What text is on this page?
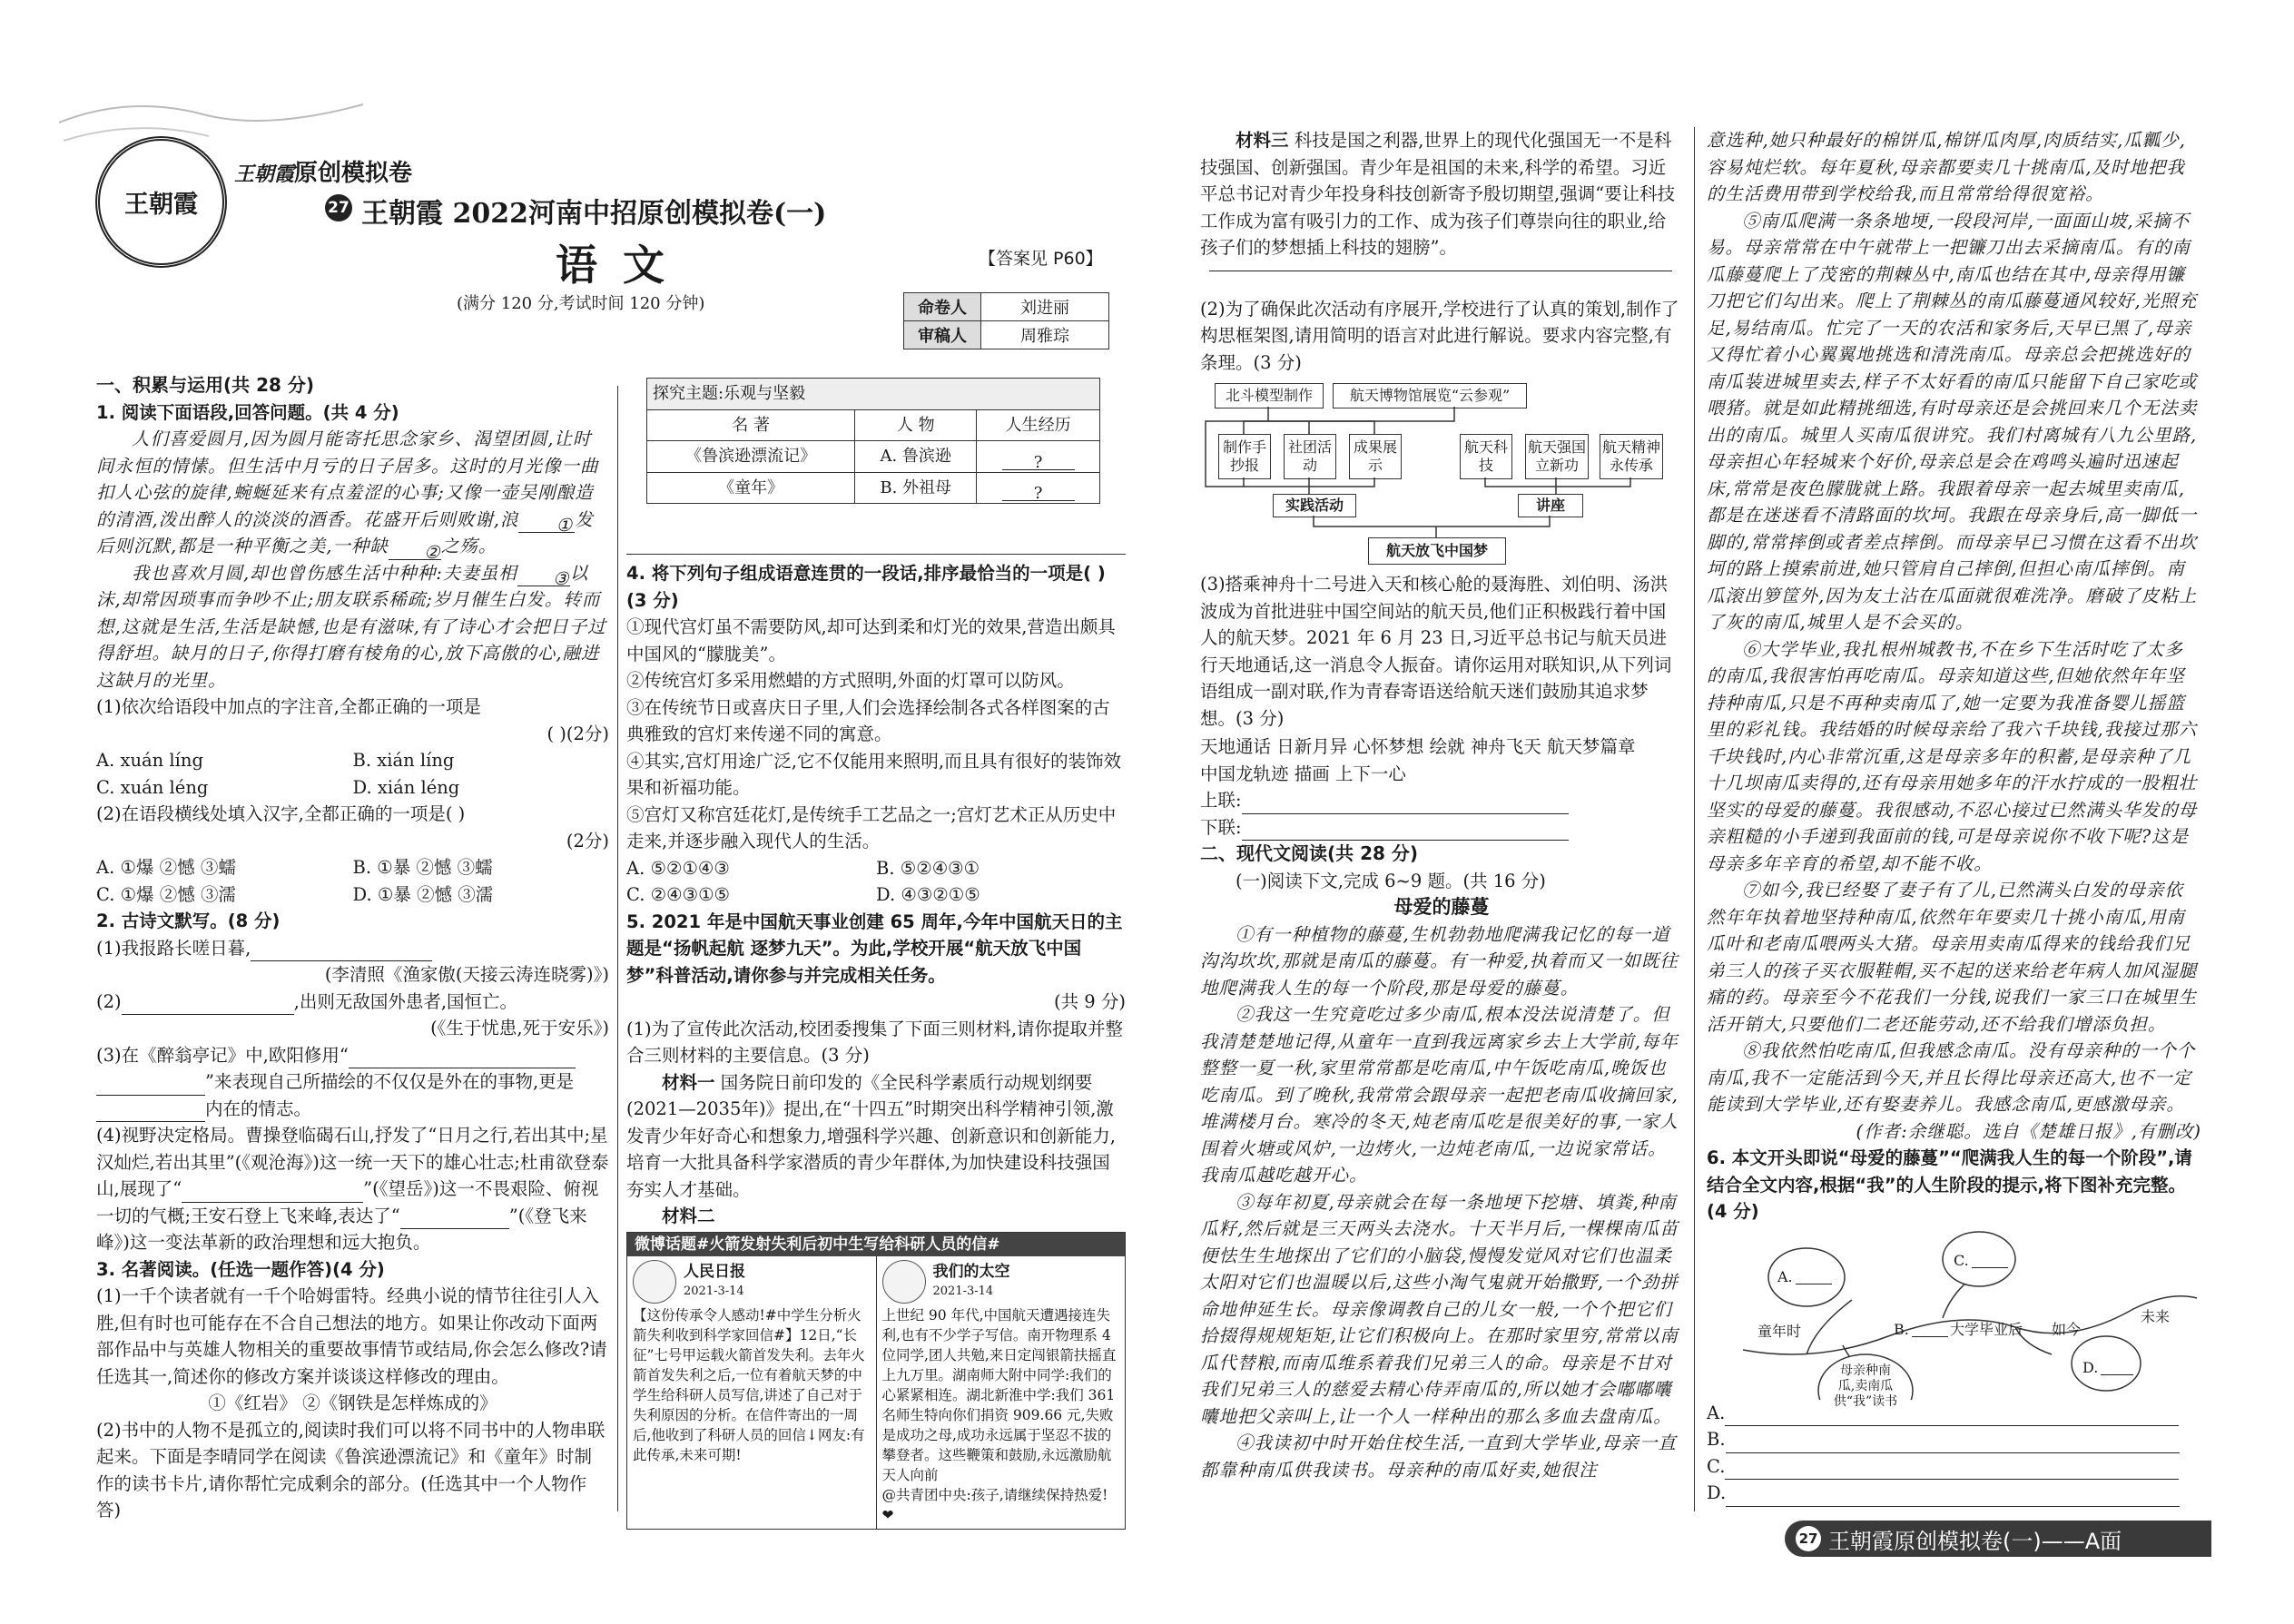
王朝霞
王朝霞原创模拟卷
27 王朝霞 2022河南中招原创模拟卷(一)
语 文	【答案见 P60】
(满分 120 分,考试时间 120 分钟)	命卷人	刘进丽
审稿人	周雅琮

一、积累与运用(共 28 分)

1. 阅读下面语段,回答问题。(共 4 分)

人们喜爱圆月,因为圆月能寄托思念家乡、渴望团圆,让时间永恒的情愫。但生活中月亏的日子居多。这时的月光像一曲扣人心弦的旋律,蜿蜒延来有点羞涩的心事;又像一壶吴刚酿造的清酒,泼出醉人的淡淡的酒香。花盛开后则败谢,浪 ① 发后则沉默,都是一种平衡之美,一种缺 ②之殇。

我也喜欢月圆,却也曾伤感生活中种种:夫妻虽相 ③以沫,却常因琐事而争吵不止;朋友联系稀疏;岁月催生白发。转而想,这就是生活,生活是缺憾,也是有滋味,有了诗心才会把日子过得舒坦。缺月的日子,你得打磨有棱角的心,放下高傲的心,融进这缺月的光里。

(1)依次给语段中加点的字注音,全都正确的一项是

( )(2分)

A. xuán líng	B. xián líng
C. xuán léng	D. xián léng

(2)在语段横线处填入汉字,全都正确的一项是( )

(2分)

A. ①爆 ②憾 ③蠕	B. ①暴 ②憾 ③蠕
C. ①爆 ②憾 ③濡	D. ①暴 ②憾 ③濡

2. 古诗文默写。(8 分)

(1)我报路长嗟日暮,

(李清照《渔家傲(天接云涛连晓雾)》)

(2)	,出则无敌国外患者,国恒亡。

(《生于忧患,死于安乐》)

(3)在《醉翁亭记》中,欧阳修用“
”来表现自己所描绘的不仅仅是外在的事物,更是内在的情志。

(4)视野决定格局。曹操登临碣石山,抒发了“日月之行,若出其中;星汉灿烂,若出其里”(《观沧海》)这一统一天下的雄心壮志;杜甫欲登泰山,展现了“	”(《望岳》)这一不畏艰险、俯视一切的气概;王安石登上飞来峰,表达了“	”(《登飞来峰》)这一变法革新的政治理想和远大抱负。

3. 名著阅读。(任选一题作答)(4 分)

(1)一千个读者就有一千个哈姆雷特。经典小说的情节往往引人入胜,但有时也可能存在不合自己想法的地方。如果让你改动下面两部作品中与英雄人物相关的重要故事情节或结局,你会怎么修改?请任选其一,简述你的修改方案并谈谈这样修改的理由。

①《红岩》 ②《钢铁是怎样炼成的》

(2)书中的人物不是孤立的,阅读时我们可以将不同书中的人物串联起来。下面是李晴同学在阅读《鲁滨逊漂流记》和《童年》时制作的读书卡片,请你帮忙完成剩余的部分。(任选其中一个人物作答)

探究主题:乐观与坚毅		
名 著	人 物	人生经历
《鲁滨逊漂流记》	A. 鲁滨逊	?
《童年》	B. 外祖母	?

4. 将下列句子组成语意连贯的一段话,排序最恰当的一项是( )(3 分)

①现代宫灯虽不需要防风,却可达到柔和灯光的效果,营造出颇具中国风的“朦胧美”。

②传统宫灯多采用燃蜡的方式照明,外面的灯罩可以防风。

③在传统节日或喜庆日子里,人们会选择绘制各式各样图案的古典雅致的宫灯来传递不同的寓意。

④其实,宫灯用途广泛,它不仅能用来照明,而且具有很好的装饰效果和祈福功能。

⑤宫灯又称宫廷花灯,是传统手工艺品之一;宫灯艺术正从历史中走来,并逐步融入现代人的生活。

A. ⑤②①④③	B. ⑤②④③①
C. ②④③①⑤	D. ④③②①⑤

5. 2021 年是中国航天事业创建 65 周年,今年中国航天日的主题是“扬帆起航 逐梦九天”。为此,学校开展“航天放飞中国梦”科普活动,请你参与并完成相关任务。

(共 9 分)

(1)为了宣传此次活动,校团委搜集了下面三则材料,请你提取并整合三则材料的主要信息。(3 分)

材料一 国务院日前印发的《全民科学素质行动规划纲要(2021—2035年)》提出,在“十四五”时期突出科学精神引领,激发青少年好奇心和想象力,增强科学兴趣、创新意识和创新能力,培育一大批具备科学家潜质的青少年群体,为加快建设科技强国夯实人才基础。

材料二

微博话题#火箭发射失利后初中生写给科研人员的信#
人民日报
2021-3-14
【这份传承令人感动!#中学生分析火箭失利收到科学家回信#】12日,“长征”七号甲运载火箭首发失利。去年火箭首发失利之后,一位有着航天梦的中学生给科研人员写信,讲述了自己对于失利原因的分析。在信件寄出的一周后,他收到了科研人员的回信↓网友:有此传承,未来可期!
我们的太空
2021-3-14
上世纪 90 年代,中国航天遭遇接连失利,也有不少学子写信。南开物理系 4 位同学,团人共勉,来日定闯银箭扶摇直上九万里。湖南师大附中同学:我们的心紧紧相连。湖北新淮中学:我们 361 名师生特向你们捐资 909.66 元,失败是成功之母,成功永远属于坚忍不拔的攀登者。这些鞭策和鼓励,永远激励航天人向前
@共青团中央:孩子,请继续保持热爱!❤

材料三 科技是国之利器,世界上的现代化强国无一不是科技强国、创新强国。青少年是祖国的未来,科学的希望。习近平总书记对青少年投身科技创新寄予殷切期望,强调“要让科技工作成为富有吸引力的工作、成为孩子们尊崇向往的职业,给孩子们的梦想插上科技的翅膀”。

(2)为了确保此次活动有序展开,学校进行了认真的策划,制作了构思框架图,请用简明的语言对此进行解说。要求内容完整,有条理。(3 分)

北斗模型制作	航天博物馆展览“云参观”
制作手抄报
社团活动
成果展示
航天科技
航天强国立新功
航天精神永传承
实践活动	讲座
航天放飞中国梦

(3)搭乘神舟十二号进入天和核心舱的聂海胜、刘伯明、汤洪波成为首批进驻中国空间站的航天员,他们正积极践行着中国人的航天梦。2021 年 6 月 23 日,习近平总书记与航天员进行天地通话,这一消息令人振奋。请你运用对联知识,从下列词语组成一副对联,作为青春寄语送给航天迷们鼓励其追求梦想。(3 分)

天地通话 日新月异 心怀梦想 绘就 神舟飞天 航天梦篇章

中国龙轨迹 描画 上下一心

上联:

下联:

二、现代文阅读(共 28 分)

(一)阅读下文,完成 6~9 题。(共 16 分)

母爱的藤蔓

①有一种植物的藤蔓,生机勃勃地爬满我记忆的每一道沟沟坎坎,那就是南瓜的藤蔓。有一种爱,执着而又一如既往地爬满我人生的每一个阶段,那是母爱的藤蔓。

②我这一生究竟吃过多少南瓜,根本没法说清楚了。但我清楚楚地记得,从童年一直到我远离家乡去上大学前,每年整整一夏一秋,家里常常都是吃南瓜,中午饭吃南瓜,晚饭也吃南瓜。到了晚秋,我常常会跟母亲一起把老南瓜收摘回家,堆满楼月台。寒冷的冬天,炖老南瓜吃是很美好的事,一家人围着火塘或风炉,一边烤火,一边炖老南瓜,一边说家常话。我南瓜越吃越开心。

③每年初夏,母亲就会在每一条地埂下挖塘、填粪,种南瓜籽,然后就是三天两头去浇水。十天半月后,一棵棵南瓜苗便怯生生地探出了它们的小脑袋,慢慢发觉风对它们也温柔太阳对它们也温暖以后,这些小淘气鬼就开始撒野,一个劲拼命地伸延生长。母亲像调教自己的儿女一般,一个个把它们拾掇得规规矩矩,让它们积极向上。在那时家里穷,常常以南瓜代替粮,而南瓜维系着我们兄弟三人的命。母亲是不甘对我们兄弟三人的慈爱去精心侍弄南瓜的,所以她才会嘟嘟囔囔地把父亲叫上,让一个人一样种出的那么多血去盘南瓜。

④我读初中时开始住校生活,一直到大学毕业,母亲一直都靠种南瓜供我读书。母亲种的南瓜好卖,她很注

意选种,她只种最好的棉饼瓜,棉饼瓜肉厚,肉质结实,瓜瓤少,容易炖烂软。每年夏秋,母亲都要卖几十挑南瓜,及时地把我的生活费用带到学校给我,而且常常给得很宽裕。

⑤南瓜爬满一条条地埂,一段段河岸,一面面山坡,采摘不易。母亲常常在中午就带上一把镰刀出去采摘南瓜。有的南瓜藤蔓爬上了茂密的荆棘丛中,南瓜也结在其中,母亲得用镰刀把它们勾出来。爬上了荆棘丛的南瓜藤蔓通风较好,光照充足,易结南瓜。忙完了一天的农活和家务后,天早已黑了,母亲又得忙着小心翼翼地挑选和清洗南瓜。母亲总会把挑选好的南瓜装进城里卖去,样子不太好看的南瓜只能留下自己家吃或喂猪。就是如此精挑细选,有时母亲还是会挑回来几个无法卖出的南瓜。城里人买南瓜很讲究。我们村离城有八九公里路,母亲担心年轻城来个好价,母亲总是会在鸡鸣头遍时迅速起床,常常是夜色朦胧就上路。我跟着母亲一起去城里卖南瓜,都是在迷迷看不清路面的坎坷。我跟在母亲身后,高一脚低一脚的,常常摔倒或者差点摔倒。而母亲早已习惯在这看不出坎坷的路上摸索前进,她只管肩自己摔倒,但担心南瓜摔倒。南瓜滚出箩筐外,因为友土沾在瓜面就很难洗净。磨破了皮粘上了灰的南瓜,城里人是不会买的。

⑥大学毕业,我扎根州城教书,不在乡下生活时吃了太多的南瓜,我很害怕再吃南瓜。母亲知道这些,但她依然年年坚持种南瓜,只是不再种卖南瓜了,她一定要为我准备婴儿摇篮里的彩礼钱。我结婚的时候母亲给了我六千块钱,我接过那六千块钱时,内心非常沉重,这是母亲多年的积蓄,是母亲种了几十几坝南瓜卖得的,还有母亲用她多年的汗水拧成的一股粗壮坚实的母爱的藤蔓。我很感动,不忍心接过已然满头华发的母亲粗糙的小手递到我面前的钱,可是母亲说你不收下呢?这是母亲多年辛育的希望,却不能不收。

⑦如今,我已经娶了妻子有了儿,已然满头白发的母亲依然年年执着地坚持种南瓜,依然年年要卖几十挑小南瓜,用南瓜叶和老南瓜喂两头大猪。母亲用卖南瓜得来的钱给我们兄弟三人的孩子买衣服鞋帽,买不起的送来给老年病人加风湿腿痛的药。母亲至今不花我们一分钱,说我们一家三口在城里生活开销大,只要他们二老还能劳动,还不给我们增添负担。

⑧我依然怕吃南瓜,但我感念南瓜。没有母亲种的一个个南瓜,我不一定能活到今天,并且长得比母亲还高大,也不一定能读到大学毕业,还有娶妻养儿。我感念南瓜,更感激母亲。

(作者:余继聪。选自《楚雄日报》,有删改)

6. 本文开头即说“母爱的藤蔓”“爬满我人生的每一个阶段”,请结合全文内容,根据“我”的人生阶段的提示,将下图补充完整。(4 分)

A.
B.
C.
D.
童年时	大学毕业后 如今
未来
母亲种南瓜,卖南瓜供“我”读书

A.

B.

C.

D.

27 王朝霞原创模拟卷(一)——A面
